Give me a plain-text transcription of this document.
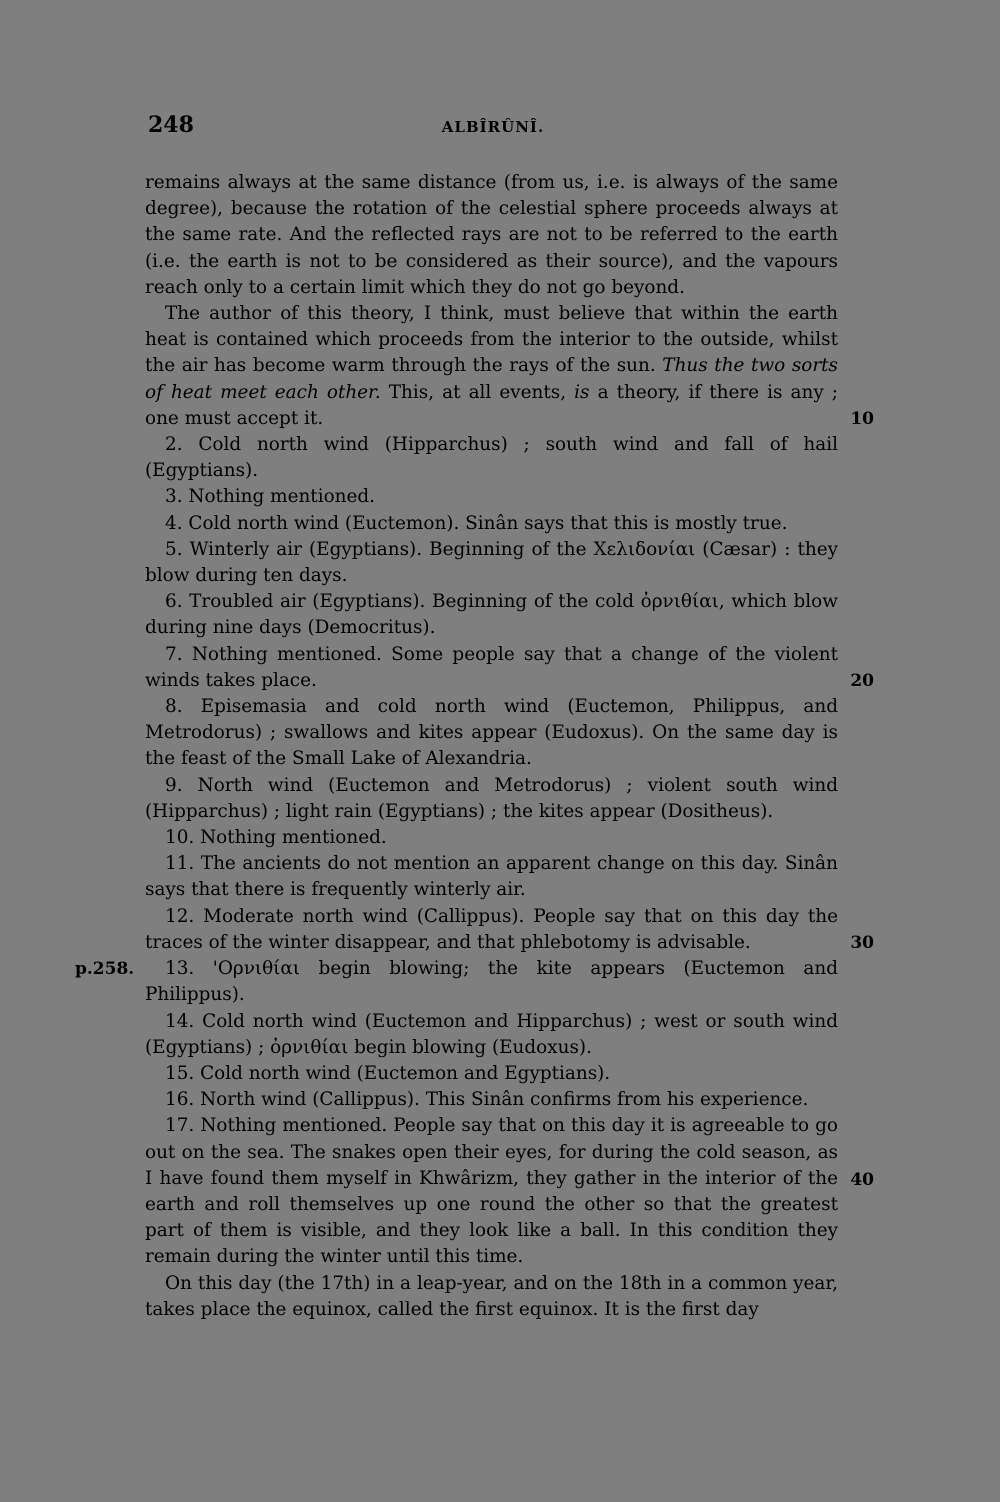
248	ALBÎRÛNÎ.

remains always at the same distance (from us, i.e. is always of the same degree), because the rotation of the celestial sphere proceeds always at the same rate. And the reflected rays are not to be referred to the earth (i.e. the earth is not to be considered as their source), and the vapours reach only to a certain limit which they do not go beyond.

The author of this theory, I think, must believe that within the earth heat is contained which proceeds from the interior to the outside, whilst the air has become warm through the rays of the sun. Thus the two sorts of heat meet each other. This, at all events, is a theory, if there is any ; one must accept it.	10

2. Cold north wind (Hipparchus) ; south wind and fall of hail (Egyptians).

3. Nothing mentioned.

4. Cold north wind (Euctemon). Sinân says that this is mostly true.

5. Winterly air (Egyptians). Beginning of the Χελιδονίαι (Cæsar) : they blow during ten days.

6. Troubled air (Egyptians). Beginning of the cold ὀρνιθίαι, which blow during nine days (Democritus).

7. Nothing mentioned. Some people say that a change of the violent winds takes place.	20

8. Episemasia and cold north wind (Euctemon, Philippus, and Metrodorus) ; swallows and kites appear (Eudoxus). On the same day is the feast of the Small Lake of Alexandria.

9. North wind (Euctemon and Metrodorus) ; violent south wind (Hipparchus) ; light rain (Egyptians) ; the kites appear (Dositheus).

10. Nothing mentioned.

11. The ancients do not mention an apparent change on this day. Sinân says that there is frequently winterly air.

12. Moderate north wind (Callippus). People say that on this day the traces of the winter disappear, and that phlebotomy is advisable.	30
p.258.	13. 'Ορνιθίαι begin blowing; the kite appears (Euctemon and Philippus).

14. Cold north wind (Euctemon and Hipparchus) ; west or south wind (Egyptians) ; ὀρνιθίαι begin blowing (Eudoxus).

15. Cold north wind (Euctemon and Egyptians).

16. North wind (Callippus). This Sinân confirms from his experience.

17. Nothing mentioned. People say that on this day it is agreeable to go out on the sea. The snakes open their eyes, for during the cold season, as I have found them myself in Khwârizm, they gather in the interior of the earth and roll themselves up one round the other so that the greatest part of them is visible, and they look like a ball. In this condition they remain during the winter until this time.

40

On this day (the 17th) in a leap-year, and on the 18th in a common year, takes place the equinox, called the first equinox. It is the first day
